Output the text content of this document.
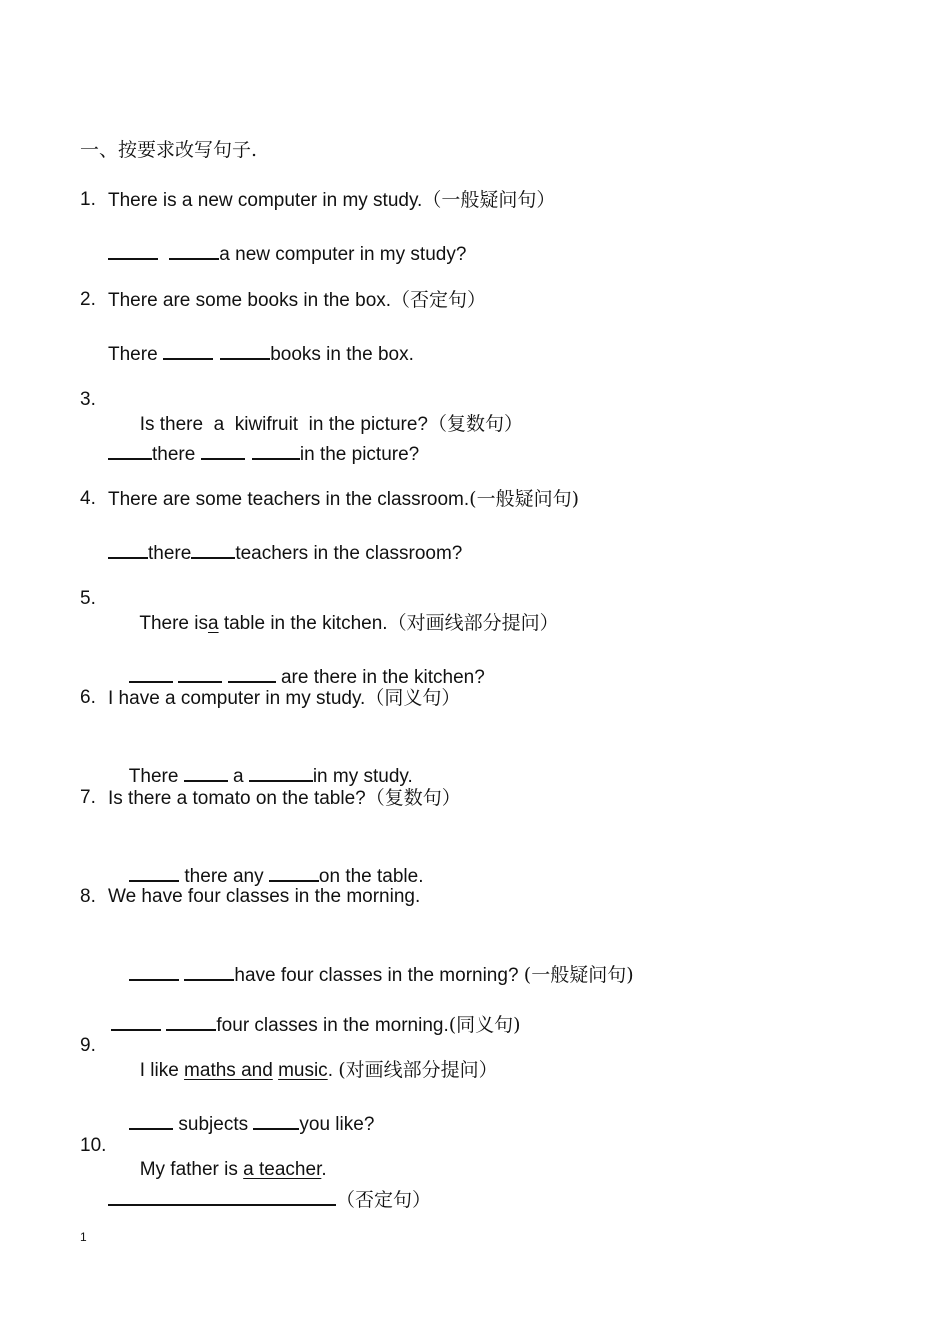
一、按要求改写句子.
1. There is a new computer in my study.（一般疑问句）
a new computer in my study?
2. There are some books in the box.（否定句）
There	books in the box.
3.

Is there  a  kiwifruit  in the picture?（复数句）

there	in the picture?
4. There are some teachers in the classroom.(一般疑问句)
there teachers in the classroom?
5.

There isa table in the kitchen.（对画线部分提问）

are there in the kitchen?

6. I have a computer in my study.（同义句）

There	a	in my study.

7. Is there a tomato on the table?（复数句）

there any	on the table.

8. We have four classes in the morning.

have four classes in the morning? (一般疑问句)

four classes in the morning.(同义句)

9.

I like maths and music. (对画线部分提问）

subjects you like?

10.

My father is a teacher.

（否定句）
1
